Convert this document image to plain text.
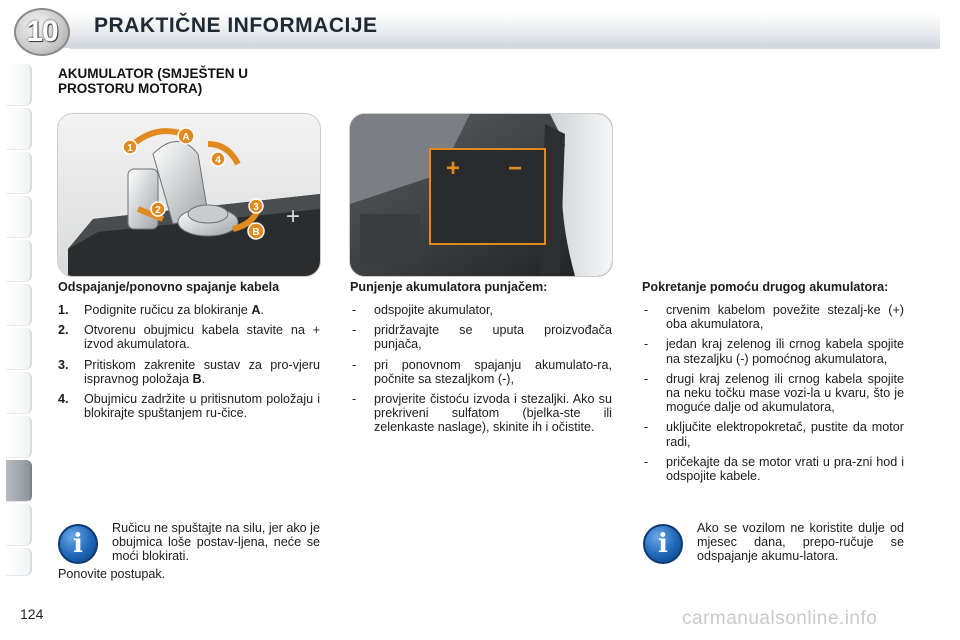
10	PRAKTIČNE INFORMACIJE
AKUMULATOR (SMJEŠTEN U
PROSTORU MOTORA)
A
B
1
2	3
4
+
+ −
Odspajanje/ponovno spajanje kabela
1. Podignite ručicu za blokiranje A.
2. Otvorenu obujmicu kabela stavite na + izvod akumulatora.
3. Pritiskom zakrenite sustav za pro-vjeru ispravnog položaja B.
4. Obujmicu zadržite u pritisnutom položaju i blokirajte spuštanjem ru-čice.
Punjenje akumulatora punjačem:
- odspojite akumulator,
- pridržavajte se uputa proizvođača punjača,
- pri ponovnom spajanju akumulato-ra, počnite sa stezaljkom (-),
- provjerite čistoću izvoda i stezaljki. Ako su prekriveni sulfatom (bjelka-ste ili zelenkaste naslage), skinite ih i očistite.
Pokretanje pomoću drugog akumulatora:
- crvenim kabelom povežite stezalj-ke (+) oba akumulatora,
- jedan kraj zelenog ili crnog kabela spojite na stezaljku (-) pomoćnog akumulatora,
- drugi kraj zelenog ili crnog kabela spojite na neku točku mase vozi-la u kvaru, što je moguće dalje od akumulatora,
- uključite elektropokretač, pustite da motor radi,
- pričekajte da se motor vrati u pra-zni hod i odspojite kabele.
i
Ručicu ne spuštajte na silu, jer ako je obujmica loše postav-ljena, neće se moći blokirati.
Ponovite postupak.
i
Ako se vozilom ne koristite dulje od mjesec dana, prepo-ručuje se odspajanje akumu-latora.
124	carmanualsonline.info
